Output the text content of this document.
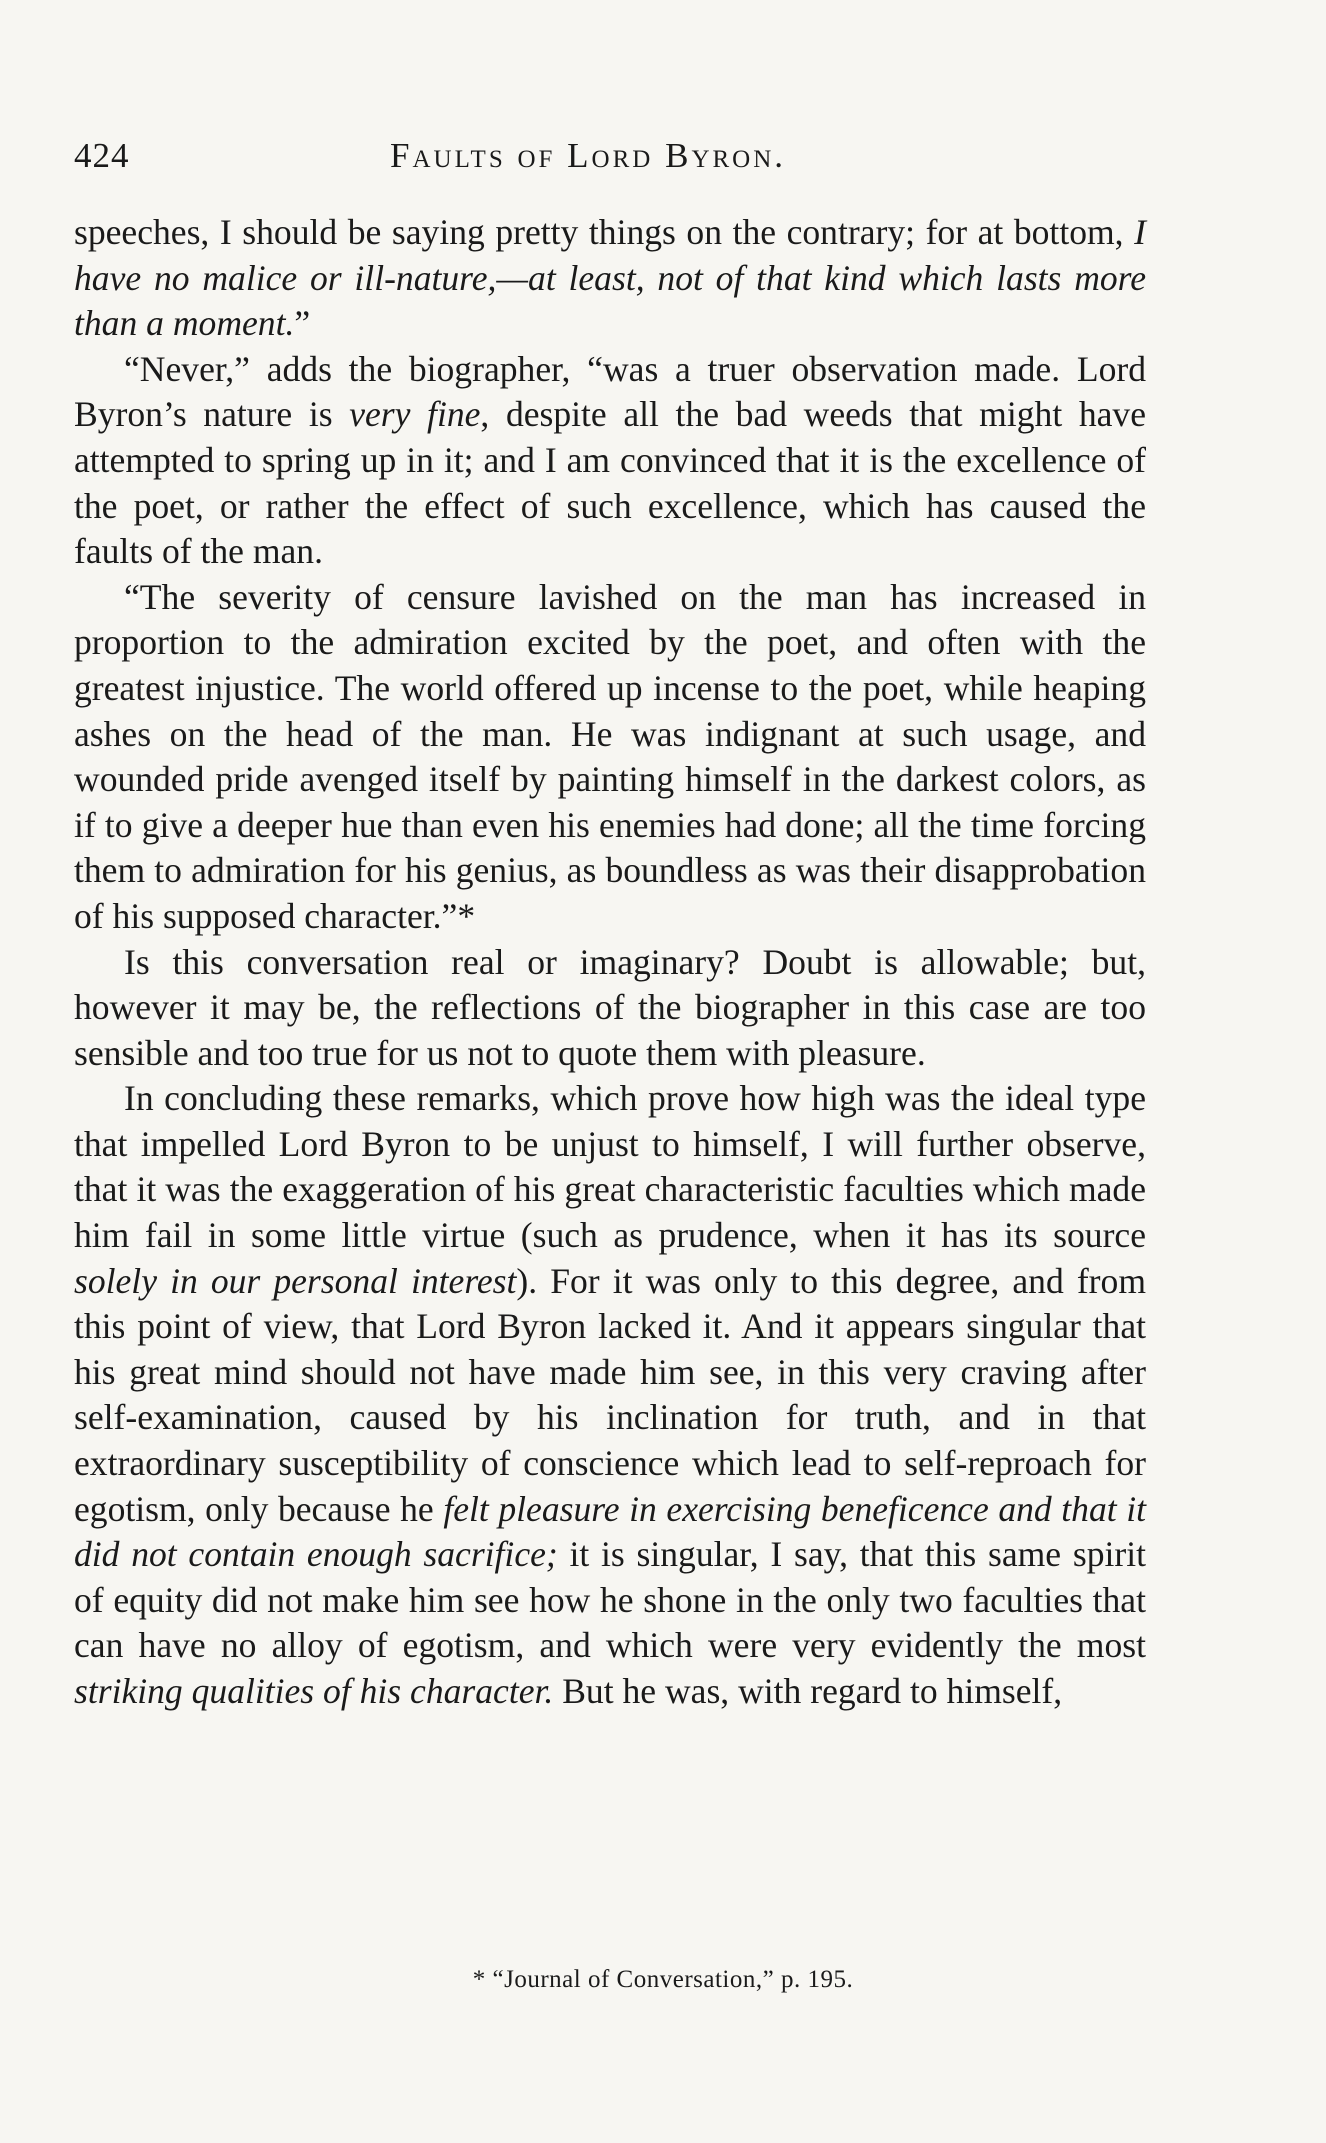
424	Faults of Lord Byron.

speeches, I should be saying pretty things on the contrary; for at bottom, I have no malice or ill-nature,—at least, not of that kind which lasts more than a moment.”

“Never,” adds the biographer, “was a truer observation made. Lord Byron’s nature is very fine, despite all the bad weeds that might have attempted to spring up in it; and I am convinced that it is the excellence of the poet, or rather the effect of such excellence, which has caused the faults of the man.

“The severity of censure lavished on the man has increased in proportion to the admiration excited by the poet, and often with the greatest injustice. The world offered up incense to the poet, while heaping ashes on the head of the man. He was indignant at such usage, and wounded pride avenged itself by painting himself in the darkest colors, as if to give a deeper hue than even his enemies had done; all the time forcing them to admiration for his genius, as boundless as was their disapprobation of his supposed character.”*

Is this conversation real or imaginary? Doubt is allowable; but, however it may be, the reflections of the biographer in this case are too sensible and too true for us not to quote them with pleasure.

In concluding these remarks, which prove how high was the ideal type that impelled Lord Byron to be unjust to himself, I will further observe, that it was the exaggeration of his great characteristic faculties which made him fail in some little virtue (such as prudence, when it has its source solely in our personal interest). For it was only to this degree, and from this point of view, that Lord Byron lacked it. And it appears singular that his great mind should not have made him see, in this very craving after self-examination, caused by his inclination for truth, and in that extraordinary susceptibility of conscience which lead to self-reproach for egotism, only because he felt pleasure in exercising beneficence and that it did not contain enough sacrifice; it is singular, I say, that this same spirit of equity did not make him see how he shone in the only two faculties that can have no alloy of egotism, and which were very evidently the most striking qualities of his character. But he was, with regard to himself,

* “Journal of Conversation,” p. 195.
